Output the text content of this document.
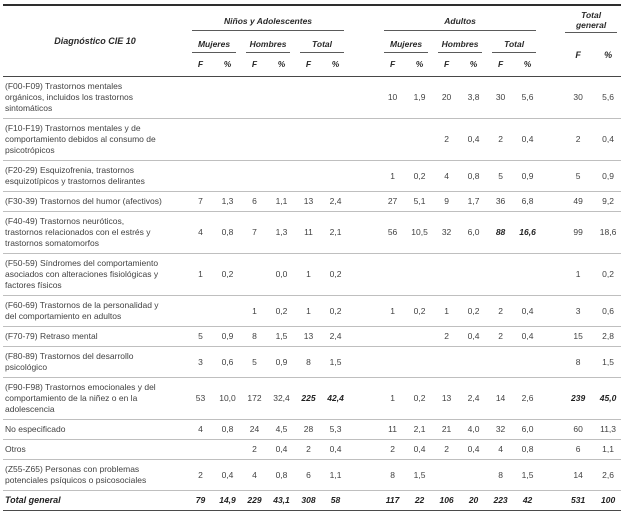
Diagnóstico CIE 10	Niños y Adolescentes							Adultos							Total general	

	Mujeres		Hombres		Total			Mujeres		Hombres		Total			F	%
	F	%	F	%	F	%		F	%	F	%	F	%			
(F00-F09) Trastornos mentales orgánicos, incluidos los trastornos sintomáticos								10	1,9	20	3,8	30	5,6		30	5,6
(F10-F19) Trastornos mentales y de comportamiento debidos al consumo de psicotrópicos										2	0,4	2	0,4		2	0,4
(F20-29) Esquizofrenia, trastornos esquizotípicos y trastornos delirantes								1	0,2	4	0,8	5	0,9		5	0,9
(F30-39) Trastornos del humor (afectivos)	7	1,3	6	1,1	13	2,4		27	5,1	9	1,7	36	6,8		49	9,2
(F40-49) Trastornos neuróticos, trastornos relacionados con el estrés y trastornos somatomorfos	4	0,8	7	1,3	11	2,1		56	10,5	32	6,0	88	16,6		99	18,6
(F50-59) Síndromes del comportamiento asociados con alteraciones fisiológicas y factores físicos	1	0,2		0,0	1	0,2									1	0,2
(F60-69) Trastornos de la personalidad y del comportamiento en adultos			1	0,2	1	0,2		1	0,2	1	0,2	2	0,4		3	0,6
(F70-79) Retraso mental	5	0,9	8	1,5	13	2,4				2	0,4	2	0,4		15	2,8
(F80-89) Trastornos del desarrollo psicológico	3	0,6	5	0,9	8	1,5									8	1,5
(F90-F98) Trastornos emocionales y del comportamiento de la niñez o en la adolescencia	53	10,0	172	32,4	225	42,4		1	0,2	13	2,4	14	2,6		239	45,0
No especificado	4	0,8	24	4,5	28	5,3		11	2,1	21	4,0	32	6,0		60	11,3
Otros			2	0,4	2	0,4		2	0,4	2	0,4	4	0,8		6	1,1
(Z55-Z65) Personas con problemas potenciales psíquicos o psicosociales	2	0,4	4	0,8	6	1,1		8	1,5			8	1,5		14	2,6
Total general	79	14,9	229	43,1	308	58		117	22	106	20	223	42		531	100
